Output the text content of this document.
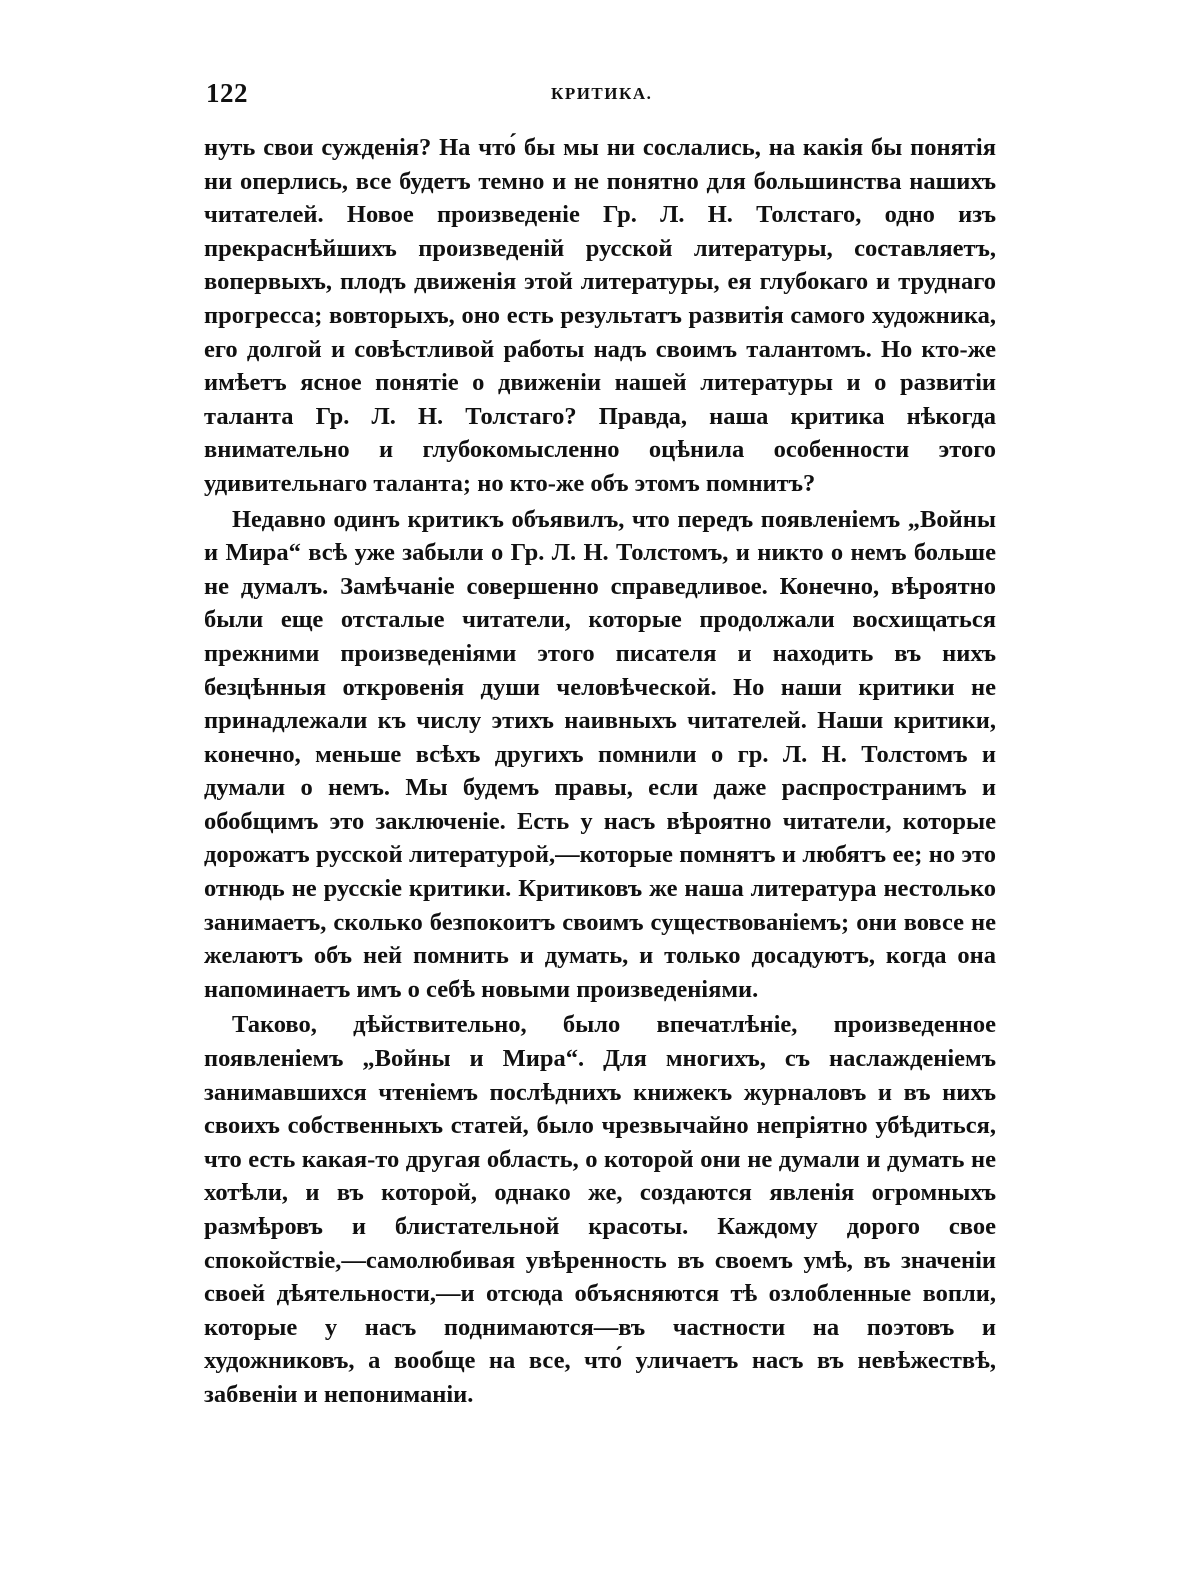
122	КРИТИКА.

нуть свои сужденія? На что́ бы мы ни сослались, на какія бы понятія ни оперлись, все будетъ темно и не понятно для большинства нашихъ читателей. Новое произведеніе Гр. Л. Н. Толстаго, одно изъ прекраснѣйшихъ произведеній русской литературы, составляетъ, вопервыхъ, плодъ движенія этой литературы, ея глубокаго и труднаго прогресса; вовторыхъ, оно есть результатъ развитія самого художника, его долгой и совѣстливой работы надъ своимъ талантомъ. Но кто-же имѣетъ ясное понятіе о движеніи нашей литературы и о развитіи таланта Гр. Л. Н. Толстаго? Правда, наша критика нѣкогда внимательно и глубокомысленно оцѣнила особенности этого удивительнаго таланта; но кто-же объ этомъ помнитъ?

Недавно одинъ критикъ объявилъ, что передъ появленіемъ „Войны и Мира“ всѣ уже забыли о Гр. Л. Н. Толстомъ, и никто о немъ больше не думалъ. Замѣчаніе совершенно справедливое. Конечно, вѣроятно были еще отсталые читатели, которые продолжали восхищаться прежними произведеніями этого писателя и находить въ нихъ безцѣнныя откровенія души человѣческой. Но наши критики не принадлежали къ числу этихъ наивныхъ читателей. Наши критики, конечно, меньше всѣхъ другихъ помнили о гр. Л. Н. Толстомъ и думали о немъ. Мы будемъ правы, если даже распространимъ и обобщимъ это заключеніе. Есть у насъ вѣроятно читатели, которые дорожатъ русской литературой,—которые помнятъ и любятъ ее; но это отнюдь не русскіе критики. Критиковъ же наша литература нестолько занимаетъ, сколько безпокоитъ своимъ существованіемъ; они вовсе не желаютъ объ ней помнить и думать, и только досадуютъ, когда она напоминаетъ имъ о себѣ новыми произведеніями.

Таково, дѣйствительно, было впечатлѣніе, произведенное появленіемъ „Войны и Мира“. Для многихъ, съ наслажденіемъ занимавшихся чтеніемъ послѣднихъ книжекъ журналовъ и въ нихъ своихъ собственныхъ статей, было чрезвычайно непріятно убѣдиться, что есть какая-то другая область, о которой они не думали и думать не хотѣли, и въ которой, однако же, создаются явленія огромныхъ размѣровъ и блистательной красоты. Каждому дорого свое спокойствіе,—самолюбивая увѣренность въ своемъ умѣ, въ значеніи своей дѣятельности,—и отсюда объясняются тѣ озлобленные вопли, которые у насъ поднимаются—въ частности на поэтовъ и художниковъ, а вообще на все, что́ уличаетъ насъ въ невѣжествѣ, забвеніи и непониманіи.
